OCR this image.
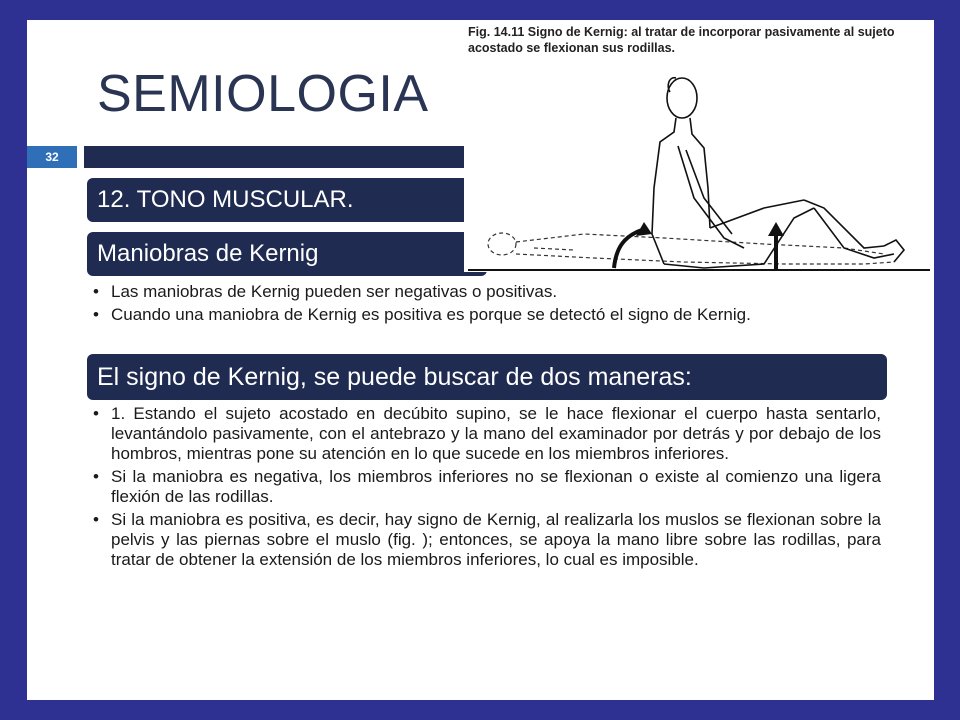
SEMIOLOGIA
32
12. TONO MUSCULAR.
Maniobras de Kernig
• Las maniobras de Kernig pueden ser negativas o positivas.
• Cuando una maniobra de Kernig es positiva es porque se detectó el signo de Kernig.
El signo de Kernig, se puede buscar de dos maneras:
• 1. Estando el sujeto acostado en decúbito supino, se le hace flexionar el cuerpo hasta sentarlo, levantándolo pasivamente, con el antebrazo y la mano del examinador por detrás y por debajo de los hombros, mientras pone su atención en lo que sucede en los miembros inferiores.
• Si la maniobra es negativa, los miembros inferiores no se flexionan o existe al comienzo una ligera flexión de las rodillas.
• Si la maniobra es positiva, es decir, hay signo de Kernig, al realizarla los muslos se flexionan sobre la pelvis y las piernas sobre el muslo (fig. ); entonces, se apoya la mano libre sobre las rodillas, para tratar de obtener la extensión de los miembros inferiores, lo cual es imposible.
Fig. 14.11 Signo de Kernig: al tratar de incorporar pasivamente al sujeto acostado se flexionan sus rodillas.
